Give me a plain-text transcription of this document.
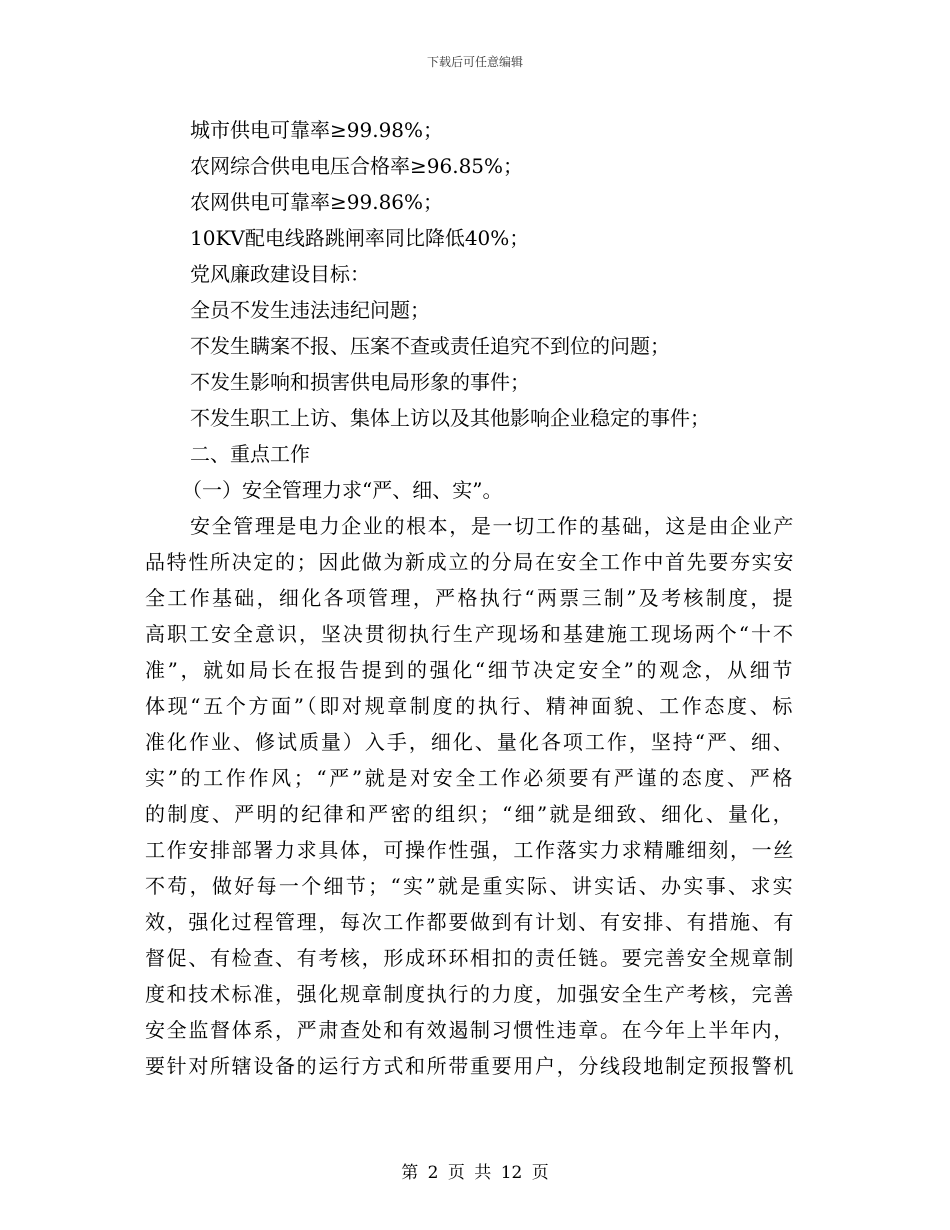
下载后可任意编辑
城市供电可靠率≥99.98%；
农网综合供电电压合格率≥96.85%；
农网供电可靠率≥99.86%；
10KV配电线路跳闸率同比降低40%；
党风廉政建设目标：
全员不发生违法违纪问题；
不发生瞒案不报、压案不查或责任追究不到位的问题；
不发生影响和损害供电局形象的事件；
不发生职工上访、集体上访以及其他影响企业稳定的事件；
二、重点工作
（一）安全管理力求“严、细、实”。
安全管理是电力企业的根本，是一切工作的基础，这是由企业产
品特性所决定的；因此做为新成立的分局在安全工作中首先要夯实安
全工作基础，细化各项管理，严格执行“两票三制”及考核制度，提
高职工安全意识，坚决贯彻执行生产现场和基建施工现场两个“十不
准”，就如局长在报告提到的强化“细节决定安全”的观念，从细节
体现“五个方面”（即对规章制度的执行、精神面貌、工作态度、标
准化作业、修试质量）入手，细化、量化各项工作，坚持“严、细、
实”的工作作风；“严”就是对安全工作必须要有严谨的态度、严格
的制度、严明的纪律和严密的组织；“细”就是细致、细化、量化，
工作安排部署力求具体，可操作性强，工作落实力求精雕细刻，一丝
不苟，做好每一个细节；“实”就是重实际、讲实话、办实事、求实
效，强化过程管理，每次工作都要做到有计划、有安排、有措施、有
督促、有检查、有考核，形成环环相扣的责任链。要完善安全规章制
度和技术标准，强化规章制度执行的力度，加强安全生产考核，完善
安全监督体系，严肃查处和有效遏制习惯性违章。在今年上半年内，
要针对所辖设备的运行方式和所带重要用户，分线段地制定预报警机
第 2 页 共 12 页
